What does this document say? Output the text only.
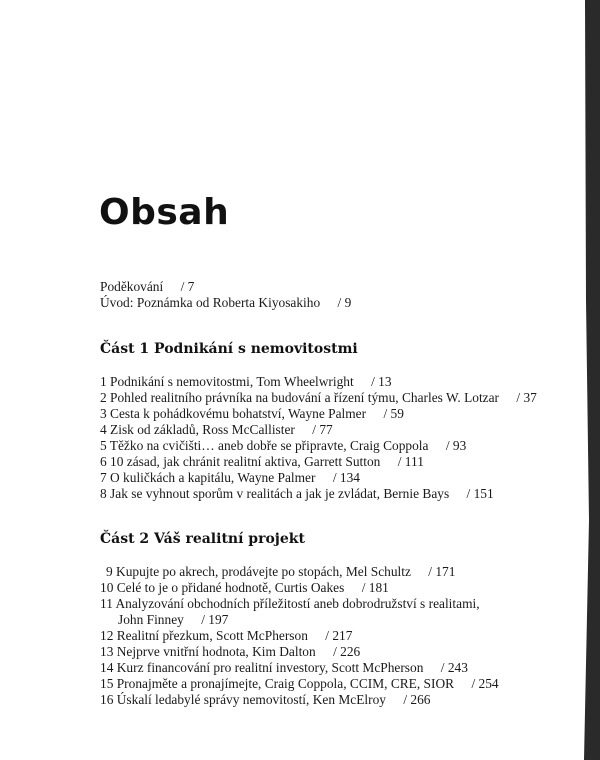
Obsah
Poděkování / 7
Úvod: Poznámka od Roberta Kiyosakiho / 9
Část 1 Podnikání s nemovitostmi
1 Podnikání s nemovitostmi, Tom Wheelwright / 13
2 Pohled realitního právníka na budování a řízení týmu, Charles W. Lotzar / 37
3 Cesta k pohádkovému bohatství, Wayne Palmer / 59
4 Zisk od základů, Ross McCallister / 77
5 Těžko na cvičišti… aneb dobře se připravte, Craig Coppola / 93
6 10 zásad, jak chránit realitní aktiva, Garrett Sutton / 111
7 O kuličkách a kapitálu, Wayne Palmer / 134
8 Jak se vyhnout sporům v realitách a jak je zvládat, Bernie Bays / 151
Část 2 Váš realitní projekt
9 Kupujte po akrech, prodávejte po stopách, Mel Schultz / 171
10 Celé to je o přidané hodnotě, Curtis Oakes / 181
11 Analyzování obchodních příležitostí aneb dobrodružství s realitami,
John Finney / 197
12 Realitní přezkum, Scott McPherson / 217
13 Nejprve vnitřní hodnota, Kim Dalton / 226
14 Kurz financování pro realitní investory, Scott McPherson / 243
15 Pronajměte a pronajímejte, Craig Coppola, CCIM, CRE, SIOR / 254
16 Úskalí ledabylé správy nemovitostí, Ken McElroy / 266
